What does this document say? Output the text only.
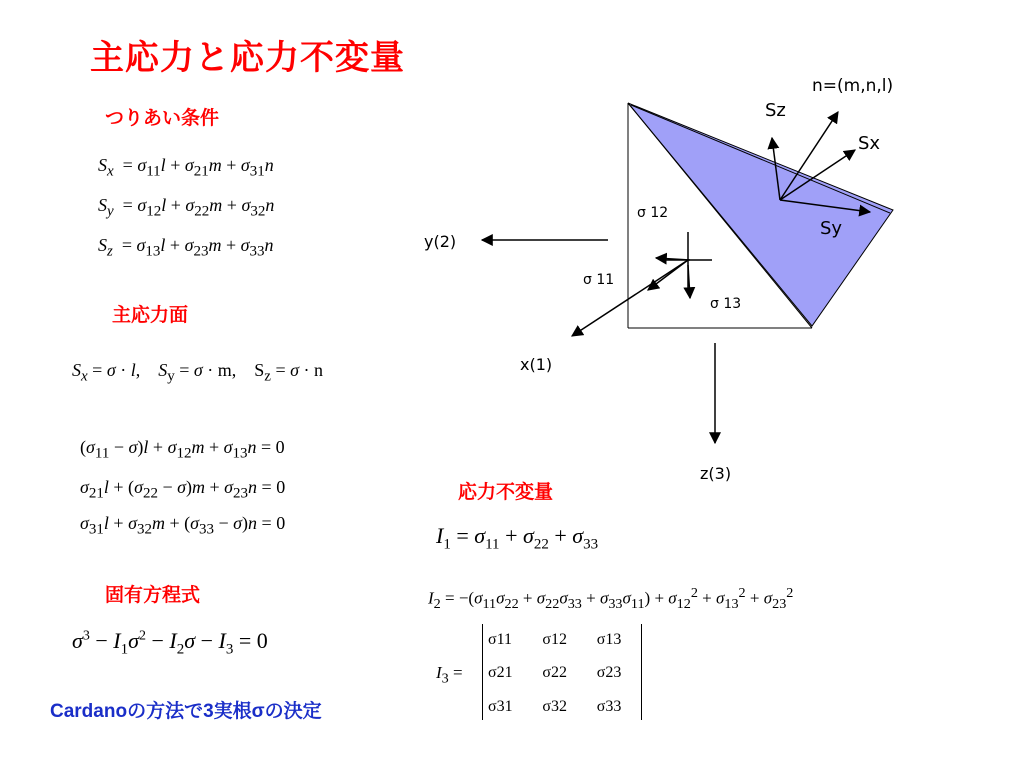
主応力と応力不変量
つりあい条件
$S_x = \sigma_{11}l + \sigma_{21}m + \sigma_{31}n$
$S_y = \sigma_{12}l + \sigma_{22}m + \sigma_{32}n$
$S_z = \sigma_{13}l + \sigma_{23}m + \sigma_{33}n$
主応力面
$S_x = \sigma \cdot l$,    $S_y = \sigma \cdot m$,    $S_z = \sigma \cdot n$
$(\sigma_{11} - \sigma)l + \sigma_{12}m + \sigma_{13}n = 0$
$\sigma_{21}l + (\sigma_{22} - \sigma)m + \sigma_{23}n = 0$
$\sigma_{31}l + \sigma_{32}m + (\sigma_{33} - \sigma)n = 0$
固有方程式
$\sigma^3 - I_1\sigma^2 - I_2\sigma - I_3 = 0$
Cardanoの方法で3実根σの決定
応力不変量
$I_1 = \sigma_{11} + \sigma_{22} + \sigma_{33}$
$I_2 = -(\sigma_{11}\sigma_{22} + \sigma_{22}\sigma_{33} + \sigma_{33}\sigma_{11}) + \sigma_{12}^2 + \sigma_{13}^2 + \sigma_{23}^2$
$I_3$ =
σ11	σ12	σ13
σ21	σ22	σ23
σ31	σ32	σ33
n=(m,n,l)
Sz
Sx
Sy
σ 12
σ 11
σ 13
y(2)
x(1)
z(3)
